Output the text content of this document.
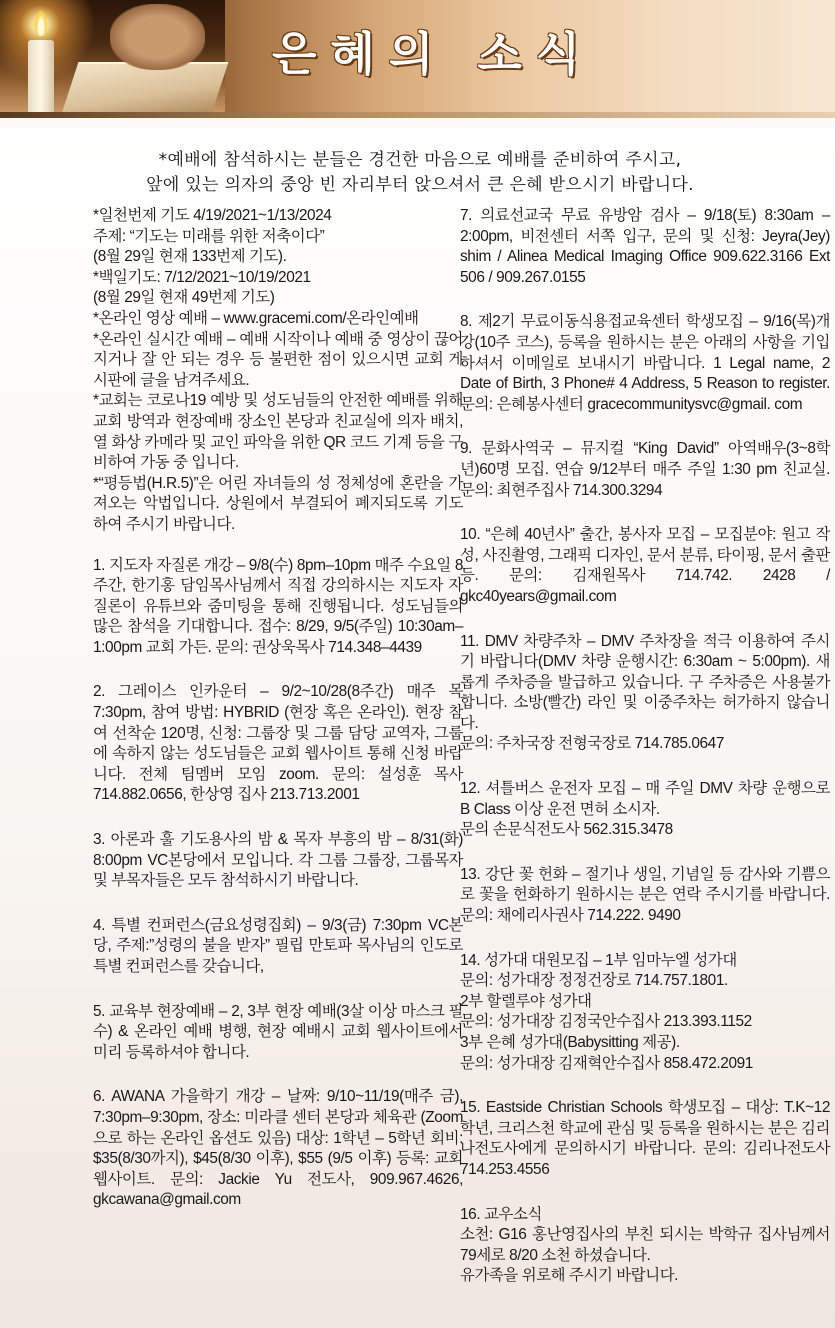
은혜의 소식
*예배에 참석하시는 분들은 경건한 마음으로 예배를 준비하여 주시고,
앞에 있는 의자의 중앙 빈 자리부터 앉으셔서 큰 은혜 받으시기 바랍니다.

*일천번제 기도 4/19/2021~1/13/2024
주제: “기도는 미래를 위한 저축이다”
(8월 29일 현재 133번제 기도).
*백일기도: 7/12/2021~10/19/2021
(8월 29일 현재 49번제 기도)
*온라인 영상 예배 – www.gracemi.com/온라인예배
*온라인 실시간 예배 – 예배 시작이나 예배 중 영상이 끊어지거나 잘 안 되는 경우 등 불편한 점이 있으시면 교회 게시판에 글을 남겨주세요.
*교회는 코로나19 예방 및 성도님들의 안전한 예배를 위해 교회 방역과 현장예배 장소인 본당과 친교실에 의자 배치, 열 화상 카메라 및 교인 파악을 위한 QR 코드 기계 등을 구비하여 가동 중 입니다.
*“평등법(H.R.5)”은 어린 자녀들의 성 정체성에 혼란을 가져오는 악법입니다. 상원에서 부결되어 폐지되도록 기도하여 주시기 바랍니다.

1. 지도자 자질론 개강 – 9/8(수) 8pm–10pm 매주 수요일 8주간, 한기홍 담임목사님께서 직접 강의하시는 지도자 자질론이 유튜브와 줌미팅을 통해 진행됩니다. 성도님들의 많은 참석을 기대합니다. 접수: 8/29, 9/5(주일) 10:30am–1:00pm 교회 가든. 문의: 권상욱목사 714.348–4439

2. 그레이스 인카운터 – 9/2~10/28(8주간) 매주 목 7:30pm, 참여 방법: HYBRID (현장 혹은 온라인). 현장 참여 선착순 120명, 신청: 그룹장 및 그룹 담당 교역자, 그룹에 속하지 않는 성도님들은 교회 웹사이트 통해 신청 바랍니다. 전체 팀멤버 모임 zoom. 문의: 설성훈 목사 714.882.0656, 한상영 집사 213.713.2001

3. 아론과 훌 기도용사의 밤 & 목자 부흥의 밤 – 8/31(화) 8:00pm VC본당에서 모입니다. 각 그룹 그룹장, 그룹목자 및 부목자들은 모두 참석하시기 바랍니다.

4. 특별 컨퍼런스(금요성령집회) – 9/3(금) 7:30pm VC본당, 주제:”성령의 불을 받자” 필립 만토파 목사님의 인도로 특별 컨퍼런스를 갖습니다,

5. 교육부 현장예배 – 2, 3부 현장 예배(3살 이상 마스크 필수) & 온라인 예배 병행, 현장 예배시 교회 웹사이트에서 미리 등록하셔야 합니다.

6. AWANA 가을학기 개강 – 날짜: 9/10~11/19(매주 금), 7:30pm–9:30pm, 장소: 미라클 센터 본당과 체육관 (Zoom으로 하는 온라인 옵션도 있음) 대상: 1학년 – 5학년 회비: $35(8/30까지), $45(8/30 이후), $55 (9/5 이후) 등록: 교회 웹사이트. 문의: Jackie Yu 전도사, 909.967.4626, gkcawana@gmail.com

7. 의료선교국 무료 유방암 검사 – 9/18(토) 8:30am –2:00pm, 비전센터 서쪽 입구, 문의 및 신청: Jeyra(Jey) shim / Alinea Medical Imaging Office 909.622.3166 Ext 506 / 909.267.0155

8. 제2기 무료이동식용접교육센터 학생모집 – 9/16(목)개강(10주 코스), 등록을 원하시는 분은 아래의 사항을 기입하셔서 이메일로 보내시기 바랍니다. 1 Legal name, 2 Date of Birth, 3 Phone# 4 Address, 5 Reason to register. 문의: 은혜봉사센터 gracecommunitysvc@gmail. com

9. 문화사역국 – 뮤지컬 “King David” 아역배우(3~8학년)60명 모집. 연습 9/12부터 매주 주일 1:30 pm 친교실. 문의: 최현주집사 714.300.3294

10. “은혜 40년사” 출간, 봉사자 모집 – 모집분야: 원고 작성, 사진촬영, 그래픽 디자인, 문서 분류, 타이핑, 문서 출판 등. 문의: 김재원목사 714.742. 2428 / gkc40years@gmail.com

11. DMV 차량주차 – DMV 주차장을 적극 이용하여 주시기 바랍니다(DMV 차량 운행시간: 6:30am ~ 5:00pm). 새롭게 주차증을 발급하고 있습니다. 구 주차증은 사용불가합니다. 소방(빨간) 라인 및 이중주차는 허가하지 않습니다.
문의: 주차국장 전형국장로 714.785.0647

12. 셔틀버스 운전자 모집 – 매 주일 DMV 차량 운행으로 B Class 이상 운전 면허 소시자.
문의 손문식전도사 562.315.3478

13. 강단 꽃 헌화 – 절기나 생일, 기념일 등 감사와 기쁨으로 꽃을 헌화하기 원하시는 분은 연락 주시기를 바랍니다. 문의: 채에리사권사 714.222. 9490

14. 성가대 대원모집 – 1부 임마누엘 성가대
문의: 성가대장 정정건장로 714.757.1801.
2부 할렐루야 성가대
문의: 성가대장 김정국안수집사 213.393.1152
3부 은혜 성가대(Babysitting 제공).
문의: 성가대장 김재혁안수집사 858.472.2091

15. Eastside Christian Schools 학생모집 – 대상: T.K~12학년, 크리스천 학교에 관심 및 등록을 원하시는 분은 김리나전도사에게 문의하시기 바랍니다. 문의: 김리나전도사 714.253.4556

16. 교우소식
소천: G16 홍난영집사의 부친 되시는 박학규 집사님께서 79세로 8/20 소천 하셨습니다.
유가족을 위로해 주시기 바랍니다.
